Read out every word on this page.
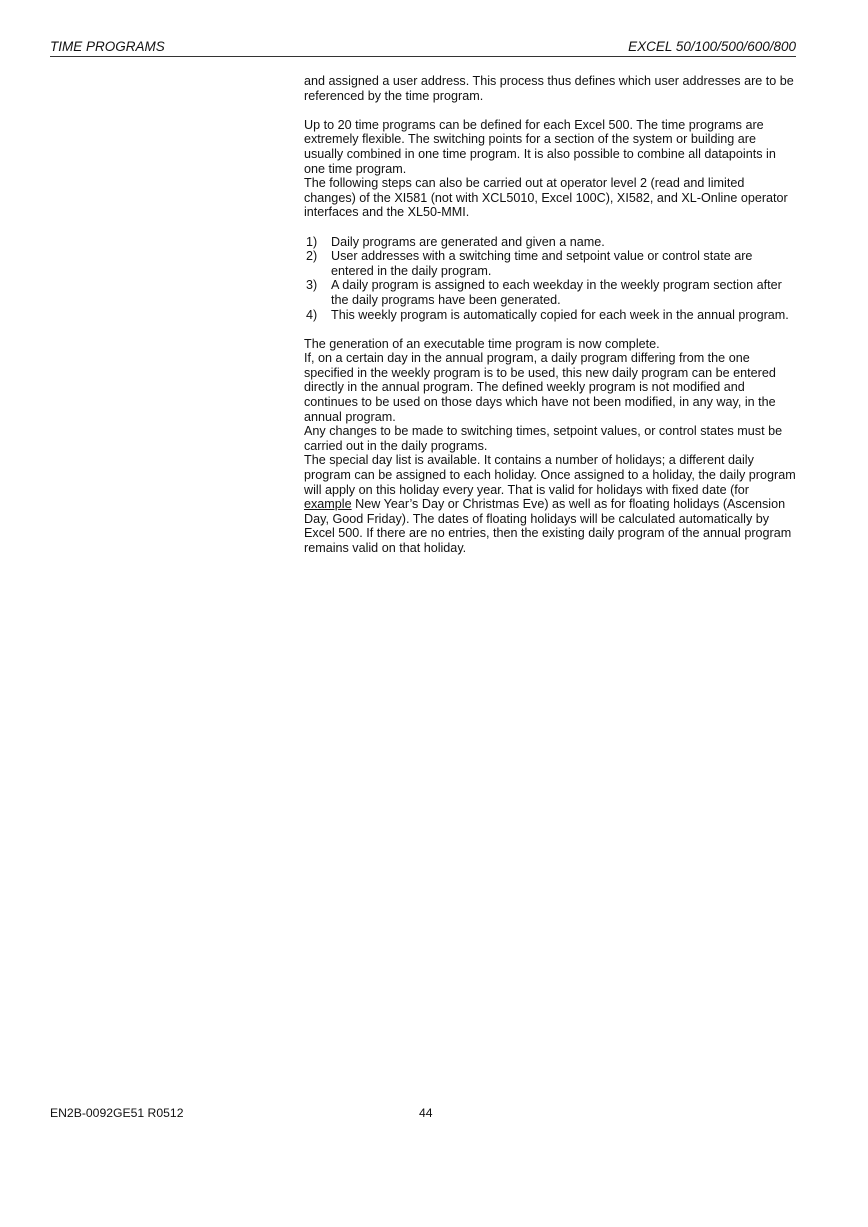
TIME PROGRAMS	EXCEL 50/100/500/600/800

and assigned a user address. This process thus defines which user addresses are to be referenced by the time program.

Up to 20 time programs can be defined for each Excel 500. The time programs are extremely flexible. The switching points for a section of the system or building are usually combined in one time program. It is also possible to combine all datapoints in one time program.

The following steps can also be carried out at operator level 2 (read and limited changes) of the XI581 (not with XCL5010, Excel 100C), XI582, and XL-Online operator interfaces and the XL50-MMI.

1) Daily programs are generated and given a name.
2) User addresses with a switching time and setpoint value or control state are entered in the daily program.
3) A daily program is assigned to each weekday in the weekly program section after the daily programs have been generated.
4) This weekly program is automatically copied for each week in the annual program.

The generation of an executable time program is now complete.

If, on a certain day in the annual program, a daily program differing from the one specified in the weekly program is to be used, this new daily program can be entered directly in the annual program. The defined weekly program is not modified and continues to be used on those days which have not been modified, in any way, in the annual program.

Any changes to be made to switching times, setpoint values, or control states must be carried out in the daily programs.

The special day list is available. It contains a number of holidays; a different daily program can be assigned to each holiday. Once assigned to a holiday, the daily program will apply on this holiday every year. That is valid for holidays with fixed date (for example New Year’s Day or Christmas Eve) as well as for floating holidays (Ascension Day, Good Friday). The dates of floating holidays will be calculated automatically by Excel 500. If there are no entries, then the existing daily program of the annual program remains valid on that holiday.

EN2B-0092GE51 R0512	44
